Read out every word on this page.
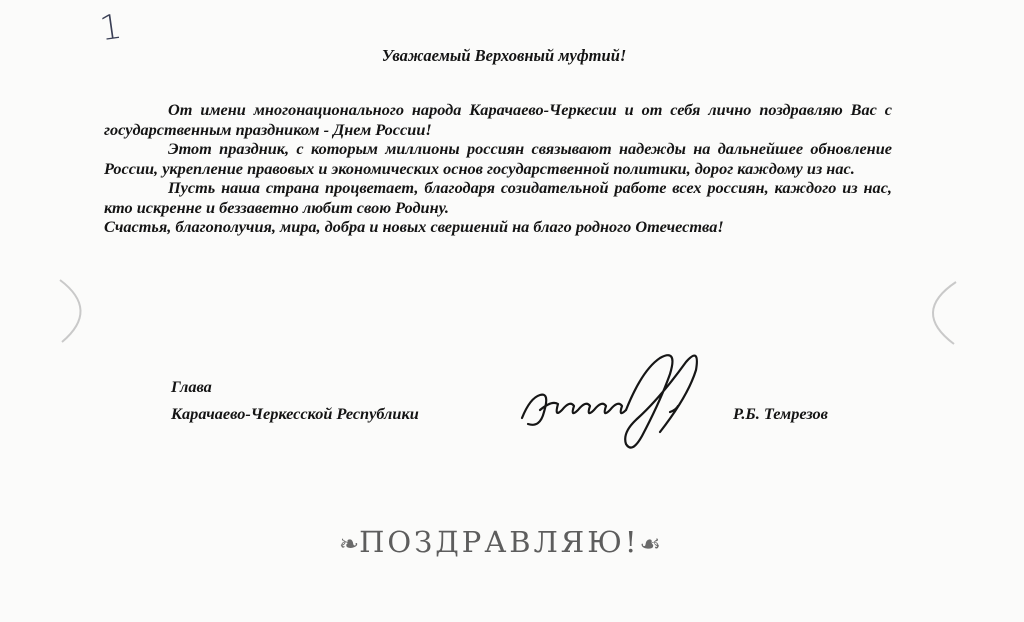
1
Уважаемый Верховный муфтий!

От имени многонационального народа Карачаево-Черкесии и от себя лично поздравляю Вас с государственным праздником - Днем России!

Этот праздник, с которым миллионы россиян связывают надежды на дальнейшее обновление России, укрепление правовых и экономических основ государственной политики, дорог каждому из нас.

Пусть наша страна процветает, благодаря созидательной работе всех россиян, каждого из нас, кто искренне и беззаветно любит свою Родину.

Счастья, благополучия, мира, добра и новых свершений на благо родного Отечества!

Глава
Карачаево-Черкесской Республики	Р.Б. Темрезов
❧ПОЗДРАВЛЯЮ!☙
